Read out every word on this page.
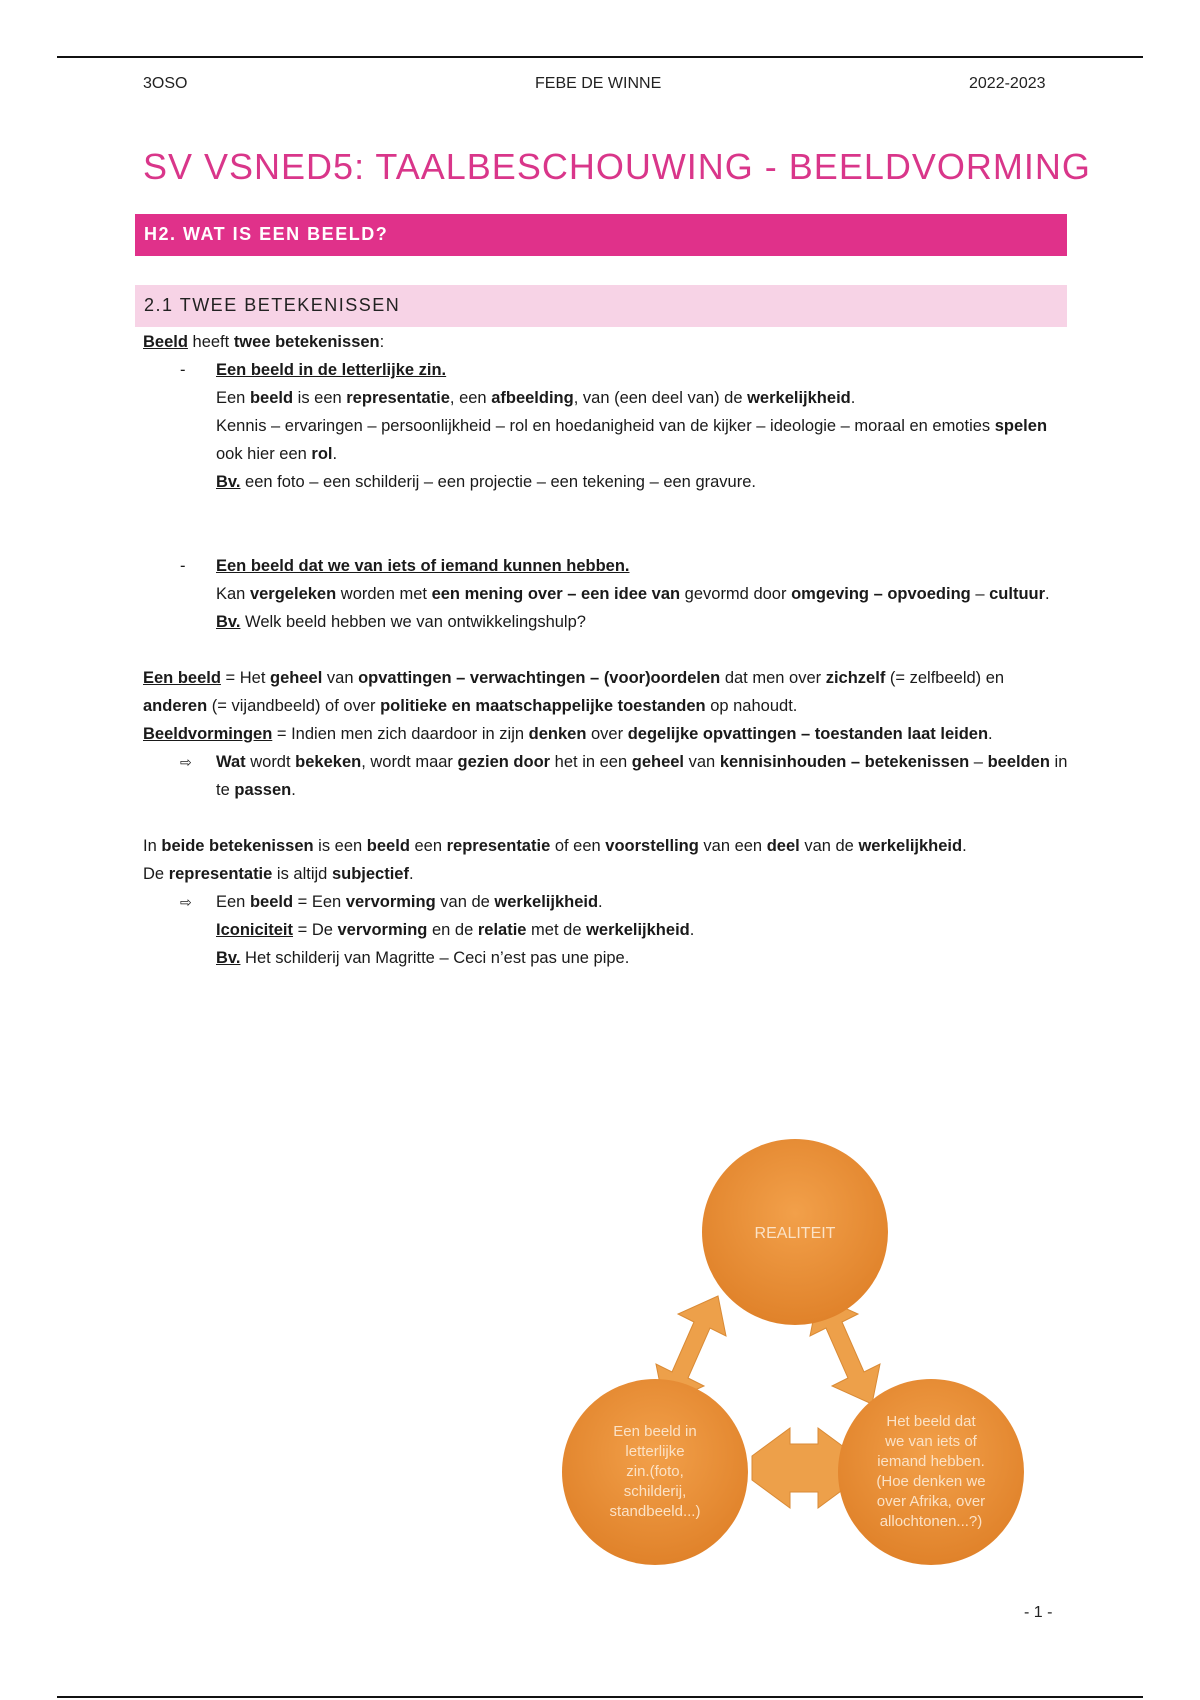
3OSO	FEBE DE WINNE	2022-2023
SV VSNED5: TAALBESCHOUWING - BEELDVORMING
H2. WAT IS EEN BEELD?
2.1 TWEE BETEKENISSEN

Beeld heeft twee betekenissen:

- Een beeld in de letterlijke zin.

Een beeld is een representatie, een afbeelding, van (een deel van) de werkelijkheid.

Kennis – ervaringen – persoonlijkheid – rol en hoedanigheid van de kijker – ideologie – moraal en emoties spelen ook hier een rol.

Bv. een foto – een schilderij – een projectie – een tekening – een gravure.

- Een beeld dat we van iets of iemand kunnen hebben.

Kan vergeleken worden met een mening over – een idee van gevormd door omgeving – opvoeding – cultuur.

Bv. Welk beeld hebben we van ontwikkelingshulp?

Een beeld = Het geheel van opvattingen – verwachtingen – (voor)oordelen dat men over zichzelf (= zelfbeeld) en anderen (= vijandbeeld) of over politieke en maatschappelijke toestanden op nahoudt.

Beeldvormingen = Indien men zich daardoor in zijn denken over degelijke opvattingen – toestanden laat leiden.

⇨ Wat wordt bekeken, wordt maar gezien door het in een geheel van kennisinhouden – betekenissen – beelden in te passen.

In beide betekenissen is een beeld een representatie of een voorstelling van een deel van de werkelijkheid.

De representatie is altijd subjectief.

⇨ Een beeld = Een vervorming van de werkelijkheid.

Iconiciteit = De vervorming en de relatie met de werkelijkheid.

Bv. Het schilderij van Magritte – Ceci n’est pas une pipe.

REALITEIT
Een beeld in
letterlijke
zin.(foto,
schilderij,
standbeeld...)
Het beeld dat
we van iets of
iemand hebben.
(Hoe denken we
over Afrika, over
allochtonen...?)
- 1 -
